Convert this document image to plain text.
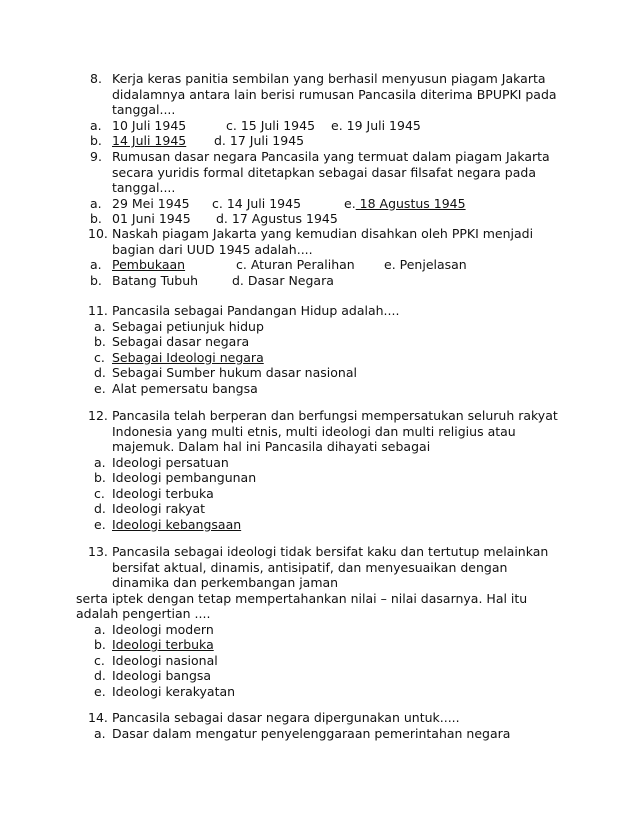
8. Kerja keras panitia sembilan yang berhasil menyusun piagam Jakarta didalamnya antara lain berisi rumusan Pancasila diterima BPUPKI pada tanggal....
a. 10 Juli 1945	c. 15 Juli 1945 e. 19 Juli 1945
b. 14 Juli 1945 d. 17 Juli 1945
9. Rumusan dasar negara Pancasila yang termuat dalam piagam Jakarta secara yuridis formal ditetapkan sebagai dasar filsafat negara pada tanggal....
a. 29 Mei 1945 c. 14 Juli 1945	e. 18 Agustus 1945
b. 01 Juni 1945 d. 17 Agustus 1945
10. Naskah piagam Jakarta yang kemudian disahkan oleh PPKI menjadi bagian dari UUD 1945 adalah....
a. Pembukaan	c. Aturan Peralihan e. Penjelasan
b. Batang Tubuh	d. Dasar Negara
11. Pancasila sebagai Pandangan Hidup adalah....
a. Sebagai petiunjuk hidup
b. Sebagai dasar negara
c. Sebagai Ideologi negara
d. Sebagai Sumber hukum dasar nasional
e. Alat pemersatu bangsa
12. Pancasila telah berperan dan berfungsi mempersatukan seluruh rakyat Indonesia yang multi etnis, multi ideologi dan multi religius atau majemuk. Dalam hal ini Pancasila dihayati sebagai
a. Ideologi persatuan
b. Ideologi pembangunan
c. Ideologi terbuka
d. Ideologi rakyat
e. Ideologi kebangsaan
13. Pancasila sebagai ideologi tidak bersifat kaku dan tertutup melainkan bersifat aktual, dinamis, antisipatif, dan menyesuaikan dengan dinamika dan perkembangan jaman
serta iptek dengan tetap mempertahankan nilai – nilai dasarnya. Hal itu adalah pengertian ....
a. Ideologi modern
b. Ideologi terbuka
c. Ideologi nasional
d. Ideologi bangsa
e. Ideologi kerakyatan
14. Pancasila sebagai dasar negara dipergunakan untuk.....
a. Dasar dalam mengatur penyelenggaraan pemerintahan negara
